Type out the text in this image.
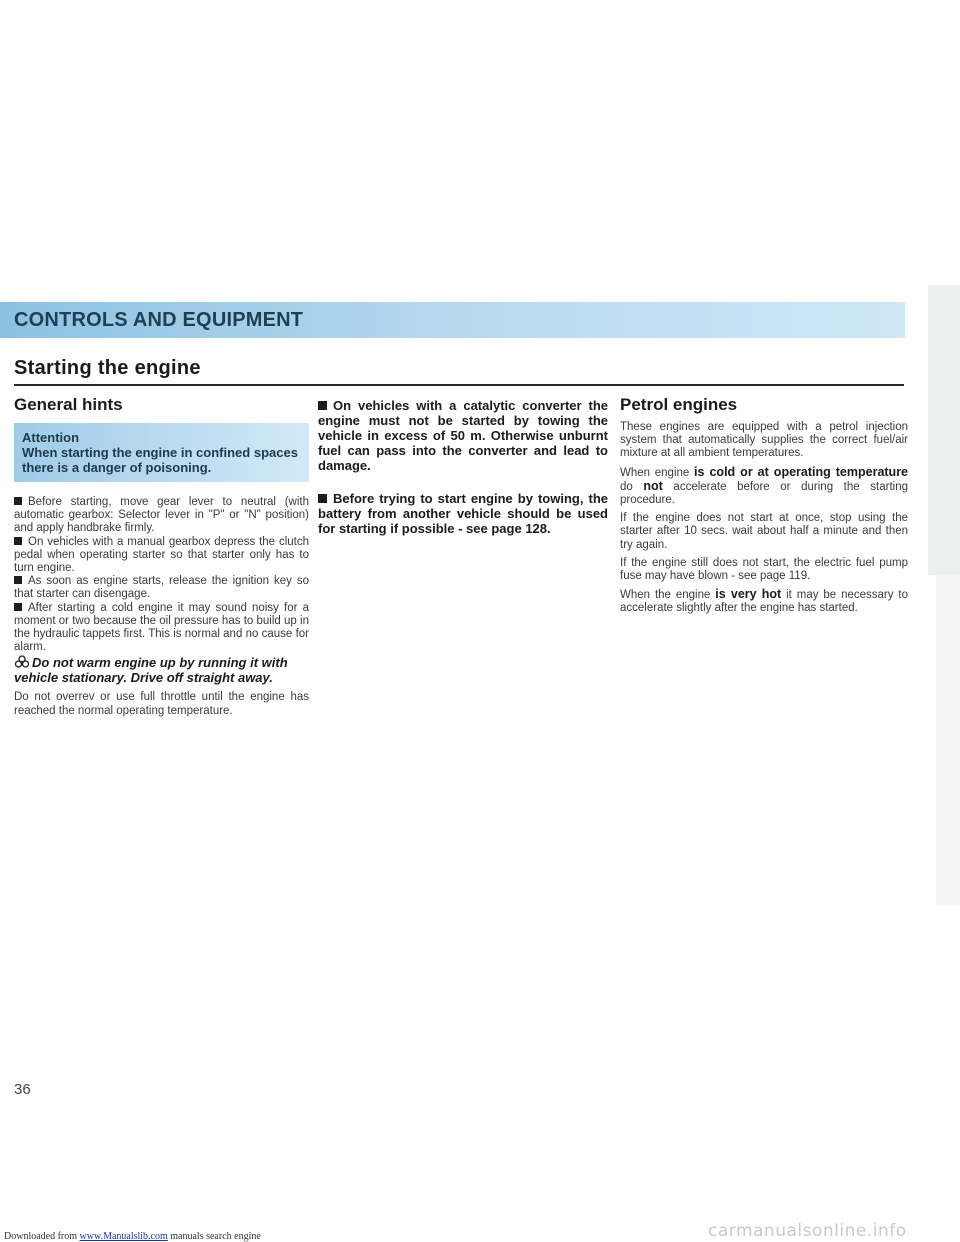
CONTROLS AND EQUIPMENT
Starting the engine
General hints

Attention

When starting the engine in confined spaces there is a danger of poisoning.

Before starting, move gear lever to neutral (with automatic gearbox: Selector lever in "P" or "N" position) and apply handbrake firmly.

On vehicles with a manual gearbox depress the clutch pedal when operating starter so that starter only has to turn engine.

As soon as engine starts, release the ignition key so that starter can disengage.

After starting a cold engine it may sound noisy for a moment or two because the oil pressure has to build up in the hydraulic tappets first. This is normal and no cause for alarm.

Do not warm engine up by running it with vehicle stationary. Drive off straight away.

Do not overrev or use full throttle until the engine has reached the normal operating temperature.

On vehicles with a catalytic converter the engine must not be started by towing the vehicle in excess of 50 m. Otherwise unburnt fuel can pass into the converter and lead to damage.

Before trying to start engine by towing, the battery from another vehicle should be used for starting if possible - see page 128.

Petrol engines

These engines are equipped with a petrol injection system that automatically supplies the correct fuel/air mixture at all ambient temperatures.

When engine is cold or at operating temperature do not accelerate before or during the starting procedure.

If the engine does not start at once, stop using the starter after 10 secs. wait about half a minute and then try again.

If the engine still does not start, the electric fuel pump fuse may have blown - see page 119.

When the engine is very hot it may be necessary to accelerate slightly after the engine has started.

36
Downloaded from www.Manualslib.com manuals search engine	carmanualsonline.info
